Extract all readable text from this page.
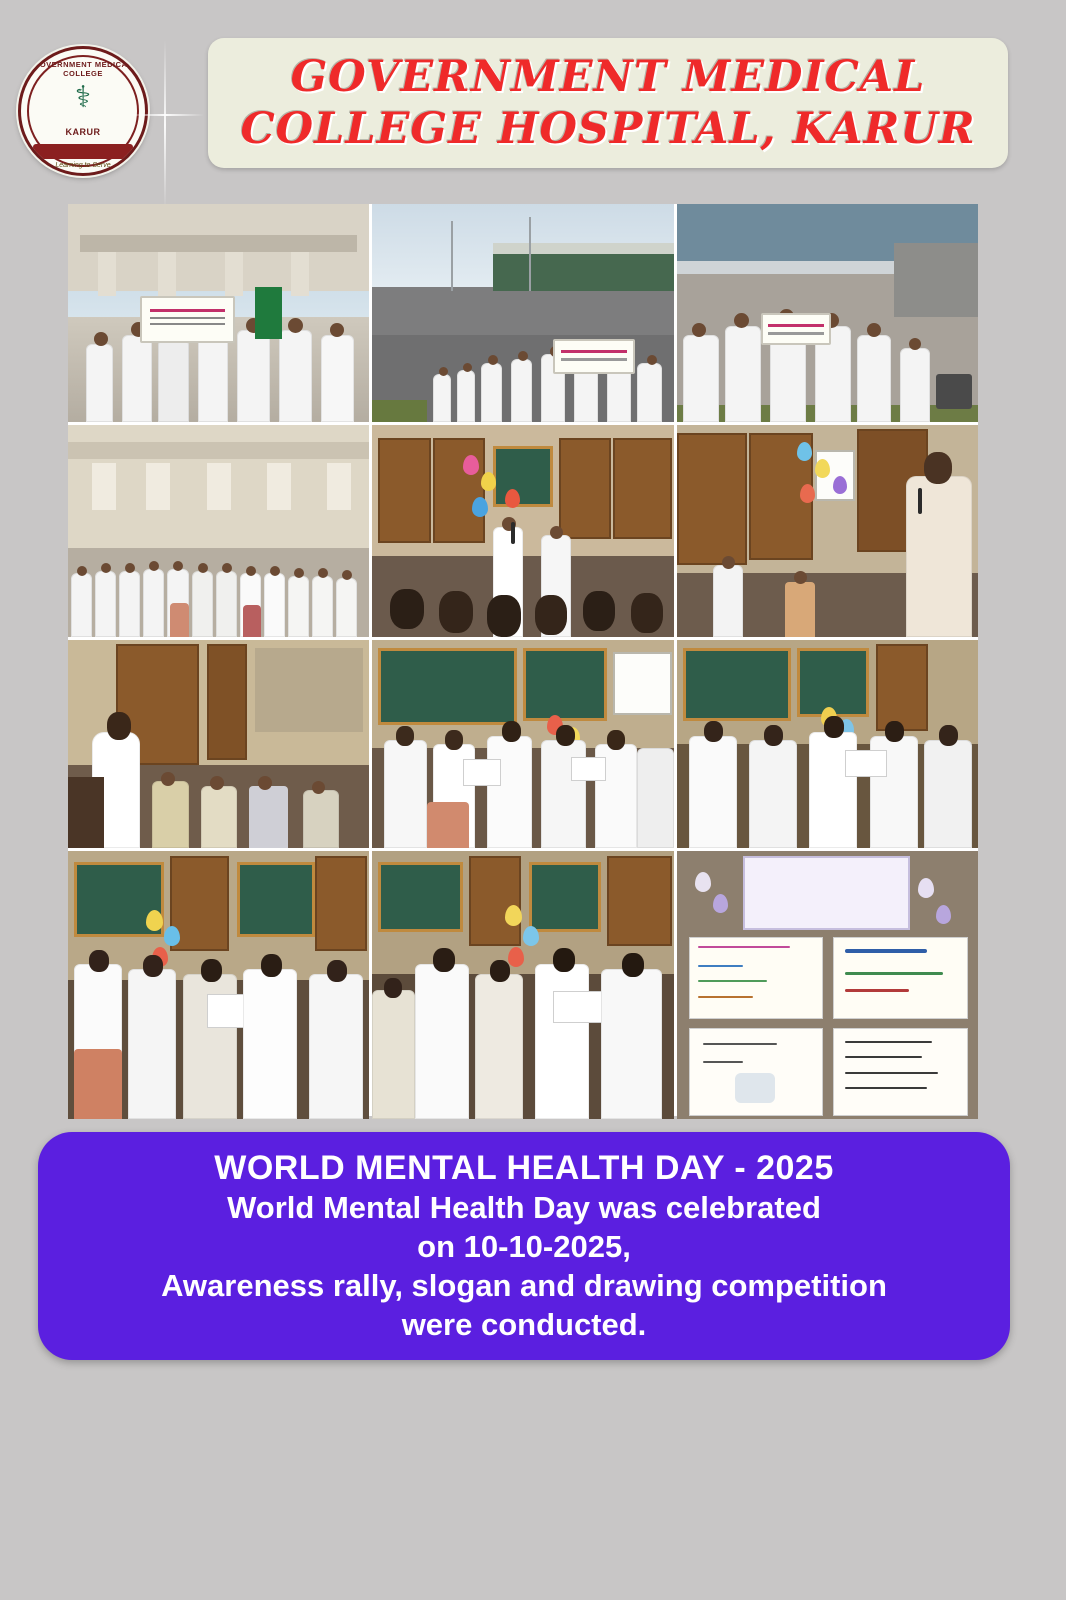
GOVERNMENT MEDICAL COLLEGE
⚕
KARUR
Learning to Serve
GOVERNMENT MEDICAL
COLLEGE HOSPITAL, KARUR
WORLD MENTAL HEALTH DAY - 2025
World Mental Health Day was celebrated
on 10-10-2025,
Awareness rally, slogan and drawing competition
were conducted.
